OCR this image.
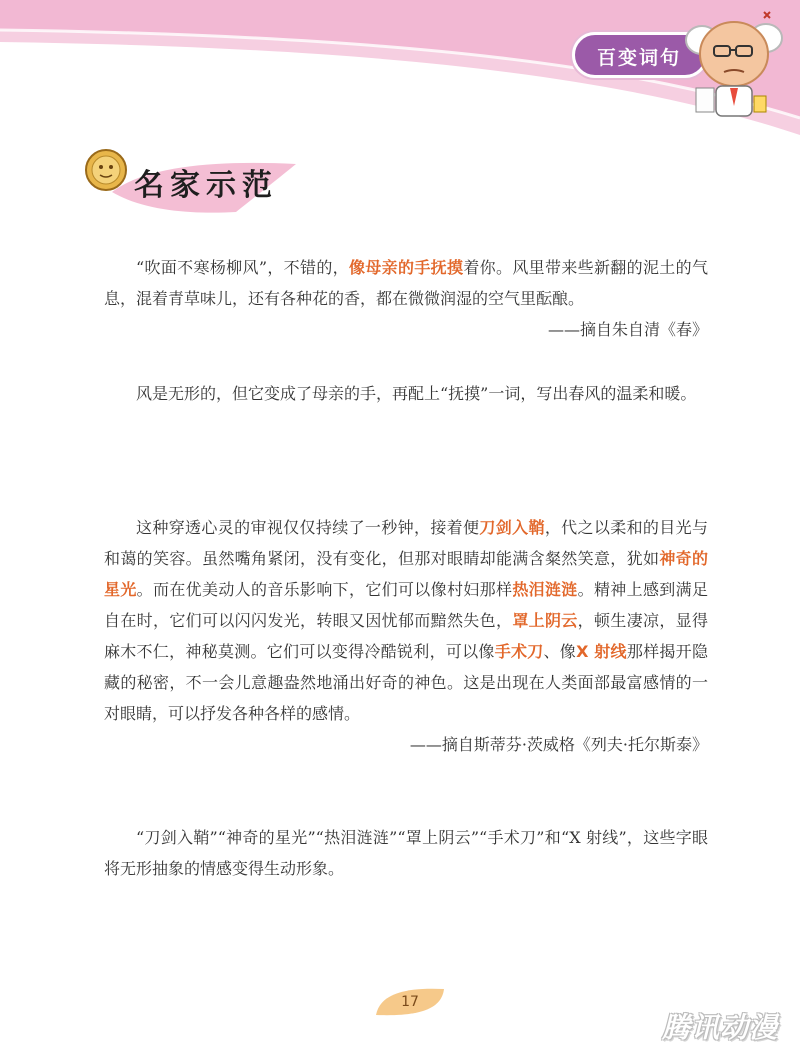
百变词句
名家示范

“吹面不寒杨柳风”，不错的，像母亲的手抚摸着你。风里带来些新翻的泥土的气息，混着青草味儿，还有各种花的香，都在微微润湿的空气里酝酿。

——摘自朱自清《春》

风是无形的，但它变成了母亲的手，再配上“抚摸”一词，写出春风的温柔和暖。

这种穿透心灵的审视仅仅持续了一秒钟，接着便刀剑入鞘，代之以柔和的目光与和蔼的笑容。虽然嘴角紧闭，没有变化，但那对眼睛却能满含粲然笑意，犹如神奇的星光。而在优美动人的音乐影响下，它们可以像村妇那样热泪涟涟。精神上感到满足自在时，它们可以闪闪发光，转眼又因忧郁而黯然失色，罩上阴云，顿生凄凉，显得麻木不仁，神秘莫测。它们可以变得冷酷锐利，可以像手术刀、像X 射线那样揭开隐藏的秘密，不一会儿意趣盎然地涌出好奇的神色。这是出现在人类面部最富感情的一对眼睛，可以抒发各种各样的感情。

——摘自斯蒂芬·茨威格《列夫·托尔斯泰》

“刀剑入鞘”“神奇的星光”“热泪涟涟”“罩上阴云”“手术刀”和“X 射线”，这些字眼将无形抽象的情感变得生动形象。

17
腾讯动漫
